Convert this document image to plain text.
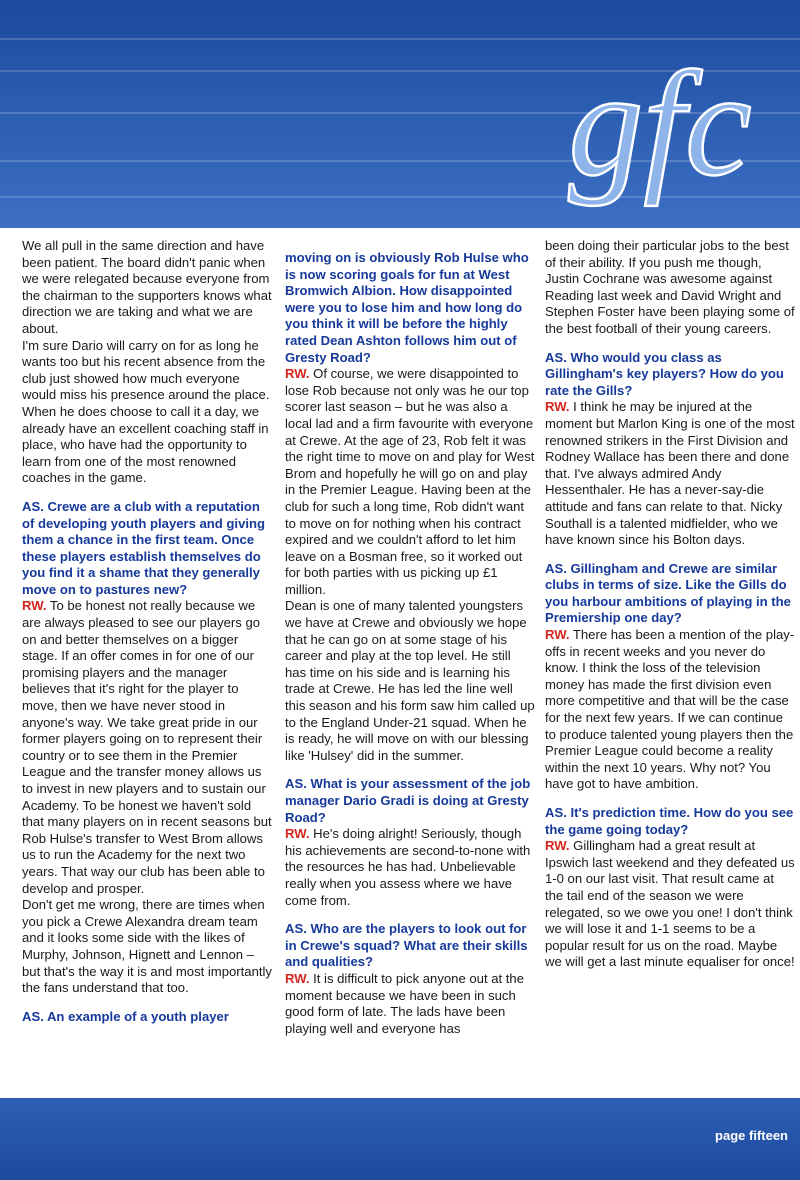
gfc

We all pull in the same direction and have been patient. The board didn't panic when we were relegated because everyone from the chairman to the supporters knows what direction we are taking and what we are about.

I'm sure Dario will carry on for as long he wants too but his recent absence from the club just showed how much everyone would miss his presence around the place. When he does choose to call it a day, we already have an excellent coaching staff in place, who have had the opportunity to learn from one of the most renowned coaches in the game.

AS. Crewe are a club with a reputation of developing youth players and giving them a chance in the first team. Once these players establish themselves do you find it a shame that they generally move on to pastures new?

RW. To be honest not really because we are always pleased to see our players go on and better themselves on a bigger stage. If an offer comes in for one of our promising players and the manager believes that it's right for the player to move, then we have never stood in anyone's way. We take great pride in our former players going on to represent their country or to see them in the Premier League and the transfer money allows us to invest in new players and to sustain our Academy. To be honest we haven't sold that many players on in recent seasons but Rob Hulse's transfer to West Brom allows us to run the Academy for the next two years. That way our club has been able to develop and prosper.

Don't get me wrong, there are times when you pick a Crewe Alexandra dream team and it looks some side with the likes of Murphy, Johnson, Hignett and Lennon – but that's the way it is and most importantly the fans understand that too.

AS. An example of a youth player

moving on is obviously Rob Hulse who is now scoring goals for fun at West Bromwich Albion. How disappointed were you to lose him and how long do you think it will be before the highly rated Dean Ashton follows him out of Gresty Road?

RW. Of course, we were disappointed to lose Rob because not only was he our top scorer last season – but he was also a local lad and a firm favourite with everyone at Crewe. At the age of 23, Rob felt it was the right time to move on and play for West Brom and hopefully he will go on and play in the Premier League. Having been at the club for such a long time, Rob didn't want to move on for nothing when his contract expired and we couldn't afford to let him leave on a Bosman free, so it worked out for both parties with us picking up £1 million.

Dean is one of many talented youngsters we have at Crewe and obviously we hope that he can go on at some stage of his career and play at the top level. He still has time on his side and is learning his trade at Crewe. He has led the line well this season and his form saw him called up to the England Under-21 squad. When he is ready, he will move on with our blessing like 'Hulsey' did in the summer.

AS. What is your assessment of the job manager Dario Gradi is doing at Gresty Road?

RW. He's doing alright! Seriously, though his achievements are second-to-none with the resources he has had. Unbelievable really when you assess where we have come from.

AS. Who are the players to look out for in Crewe's squad? What are their skills and qualities?

RW. It is difficult to pick anyone out at the moment because we have been in such good form of late. The lads have been playing well and everyone has

been doing their particular jobs to the best of their ability. If you push me though, Justin Cochrane was awesome against Reading last week and David Wright and Stephen Foster have been playing some of the best football of their young careers.

AS. Who would you class as Gillingham's key players? How do you rate the Gills?

RW. I think he may be injured at the moment but Marlon King is one of the most renowned strikers in the First Division and Rodney Wallace has been there and done that. I've always admired Andy Hessenthaler. He has a never-say-die attitude and fans can relate to that. Nicky Southall is a talented midfielder, who we have known since his Bolton days.

AS. Gillingham and Crewe are similar clubs in terms of size. Like the Gills do you harbour ambitions of playing in the Premiership one day?

RW. There has been a mention of the play-offs in recent weeks and you never do know. I think the loss of the television money has made the first division even more competitive and that will be the case for the next few years. If we can continue to produce talented young players then the Premier League could become a reality within the next 10 years. Why not? You have got to have ambition.

AS. It's prediction time. How do you see the game going today?

RW. Gillingham had a great result at Ipswich last weekend and they defeated us 1-0 on our last visit. That result came at the tail end of the season we were relegated, so we owe you one! I don't think we will lose it and 1-1 seems to be a popular result for us on the road. Maybe we will get a last minute equaliser for once!

page fifteen
